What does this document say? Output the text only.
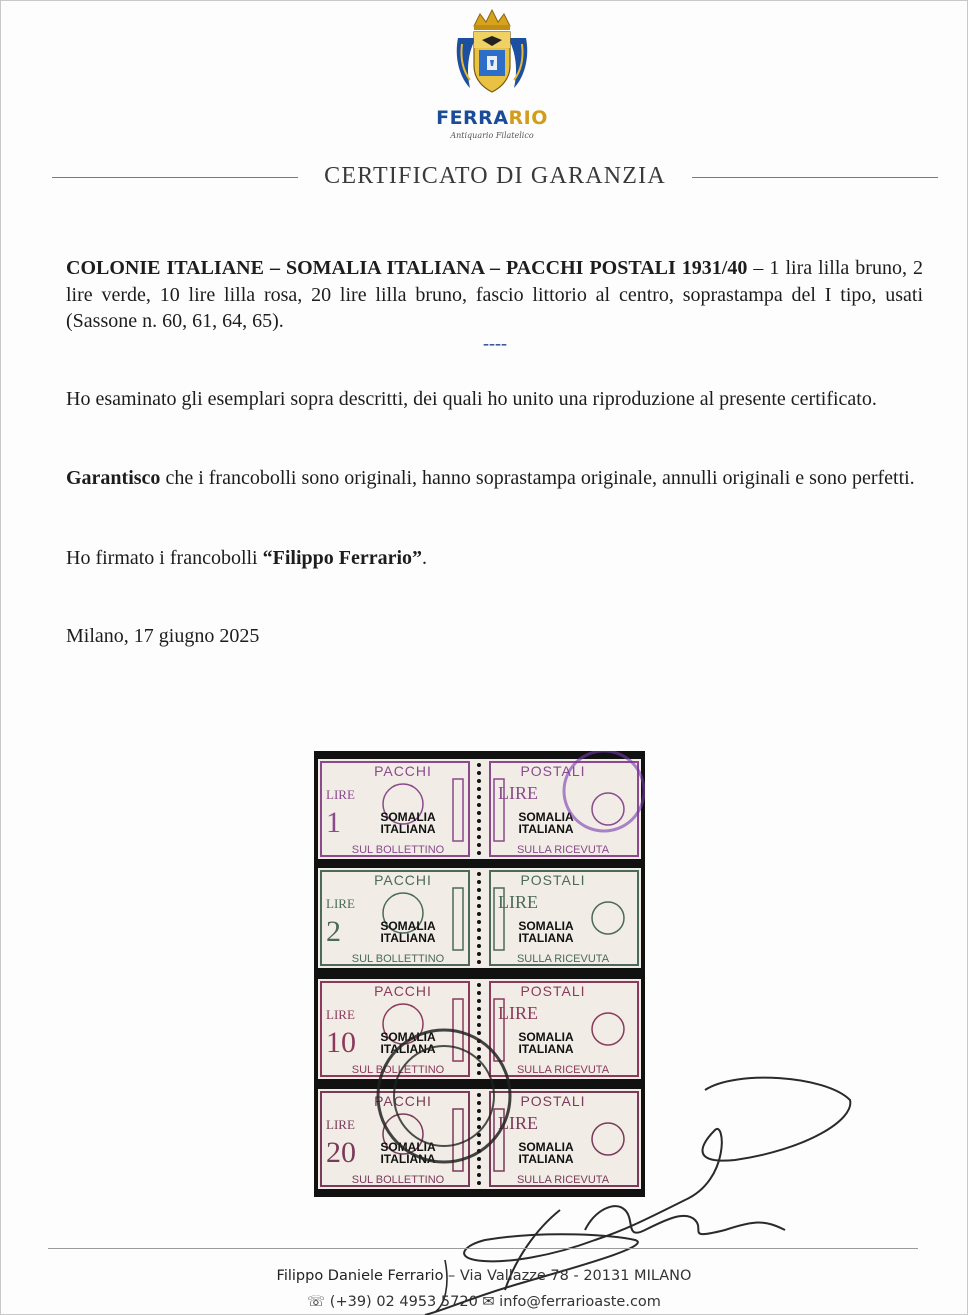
FERRARIO
Antiquario Filatelico
CERTIFICATO DI GARANZIA
COLONIE ITALIANE – SOMALIA ITALIANA – PACCHI POSTALI 1931/40 – 1 lira lilla bruno, 2 lire verde, 10 lire lilla rosa, 20 lire lilla bruno, fascio littorio al centro, soprastampa del I tipo, usati (Sassone n. 60, 61, 64, 65).
----
Ho esaminato gli esemplari sopra descritti, dei quali ho unito una riproduzione al presente certificato.
Garantisco che i francobolli sono originali, hanno soprastampa originale, annulli originali e sono perfetti.
Ho firmato i francobolli “Filippo Ferrario”.
Milano, 17 giugno 2025
PACCHI	POSTALI
SUL BOLLETTINO	SULLA RICEVUTA
LIRE
1
LIRE
SOMALIA
ITALIANA
SOMALIA
ITALIANA
PACCHI	POSTALI
SUL BOLLETTINO	SULLA RICEVUTA
LIRE
2
LIRE
SOMALIA
ITALIANA
SOMALIA
ITALIANA
PACCHI	POSTALI
SUL BOLLETTINO	SULLA RICEVUTA
LIRE
10
LIRE
SOMALIA
ITALIANA
SOMALIA
ITALIANA
PACCHI	POSTALI
SUL BOLLETTINO	SULLA RICEVUTA
LIRE
20
LIRE
SOMALIA
ITALIANA
SOMALIA
ITALIANA
Filippo Daniele Ferrario – Via Vallazze 78 - 20131 MILANO
☏ (+39) 02 4953 5720 ✉ info@ferrarioaste.com
